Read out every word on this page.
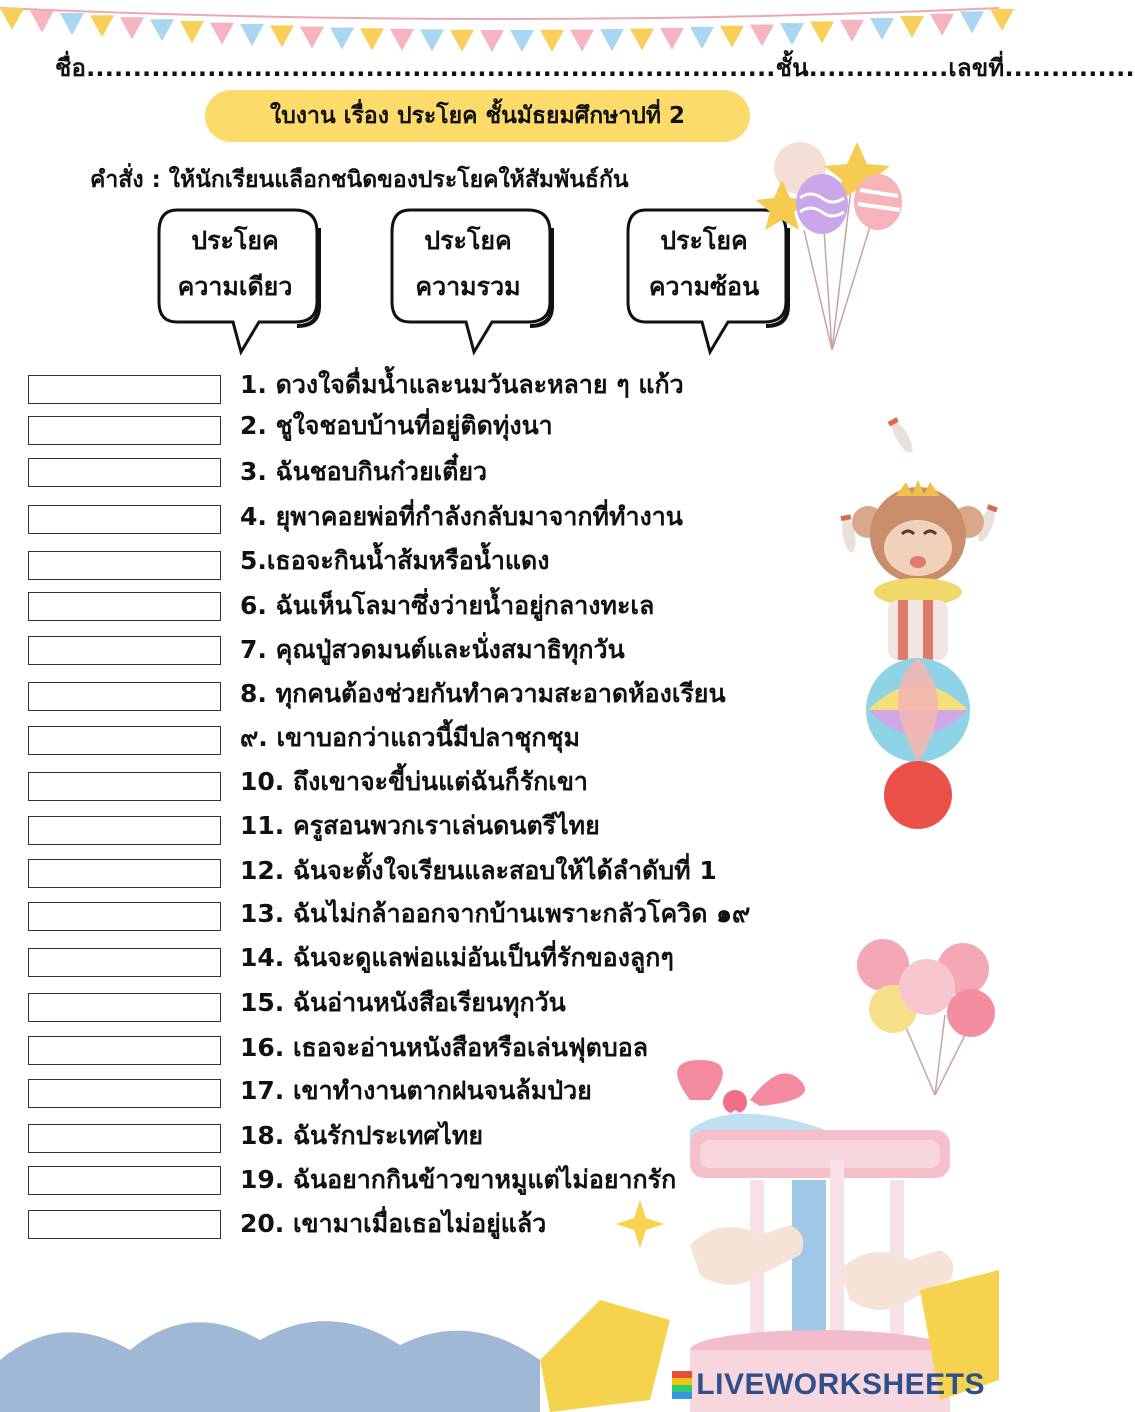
ชื่อ..........................................................................ชั้น...............เลขที่..............
ใบงาน เรื่อง ประโยค ชั้นมัธยมศึกษาปที่ 2
คำสั่ง : ให้นักเรียนแลือกชนิดของประโยคให้สัมพันธ์กัน
ประโยค
ความเดียว
ประโยค
ความรวม
ประโยค
ความซ้อน
1. ดวงใจดื่มน้ำและนมวันละหลาย ๆ แก้ว
2. ชูใจชอบบ้านที่อยู่ติดทุ่งนา
3. ฉันชอบกินก๋วยเตี๋ยว
4. ยุพาคอยพ่อที่กำลังกลับมาจากที่ทำงาน
5.เธอจะกินน้ำส้มหรือน้ำแดง
6. ฉันเห็นโลมาซึ่งว่ายน้ำอยู่กลางทะเล
7. คุณปู่สวดมนต์และนั่งสมาธิทุกวัน
8. ทุกคนต้องช่วยกันทำความสะอาดห้องเรียน
๙. เขาบอกว่าแถวนี้มีปลาชุกชุม
10. ถึงเขาจะขี้บ่นแต่ฉันก็รักเขา
11. ครูสอนพวกเราเล่นดนตรีไทย
12. ฉันจะตั้งใจเรียนและสอบให้ได้ลำดับที่ 1
13. ฉันไม่กล้าออกจากบ้านเพราะกลัวโควิด ๑๙
14. ฉันจะดูแลพ่อแม่อันเป็นที่รักของลูกๆ
15. ฉันอ่านหนังสือเรียนทุกวัน
16. เธอจะอ่านหนังสือหรือเล่นฟุตบอล
17. เขาทำงานตากฝนจนล้มป่วย
18. ฉันรักประเทศไทย
19. ฉันอยากกินข้าวขาหมูแต่ไม่อยากรัก
20. เขามาเมื่อเธอไม่อยู่แล้ว
LIVEWORKSHEETS
